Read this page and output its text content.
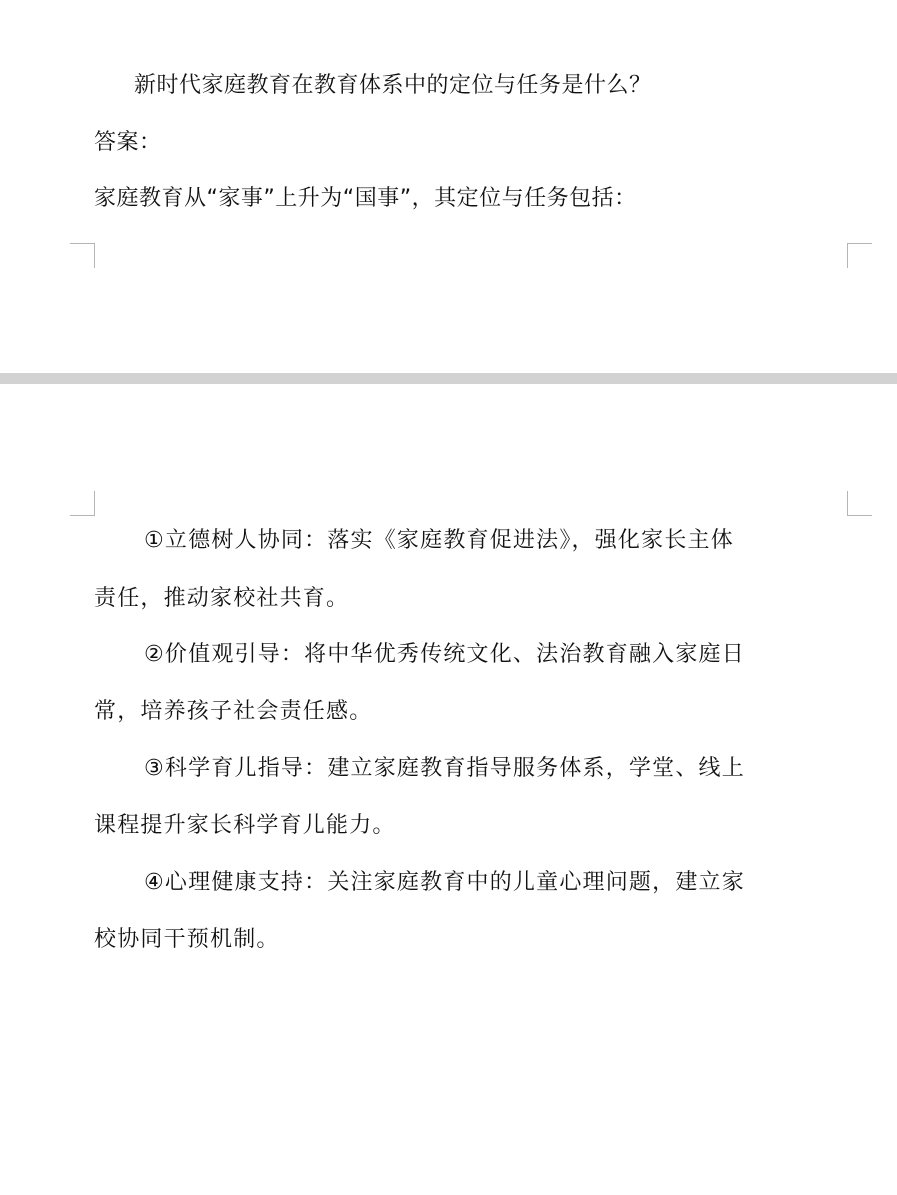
新时代家庭教育在教育体系中的定位与任务是什么？
答案：
家庭教育从“家事”上升为“国事”，其定位与任务包括：
①立德树人协同：落实《家庭教育促进法》，强化家长主体
责任，推动家校社共育。
②价值观引导：将中华优秀传统文化、法治教育融入家庭日
常，培养孩子社会责任感。
③科学育儿指导：建立家庭教育指导服务体系，学堂、线上
课程提升家长科学育儿能力。
④心理健康支持：关注家庭教育中的儿童心理问题，建立家
校协同干预机制。
